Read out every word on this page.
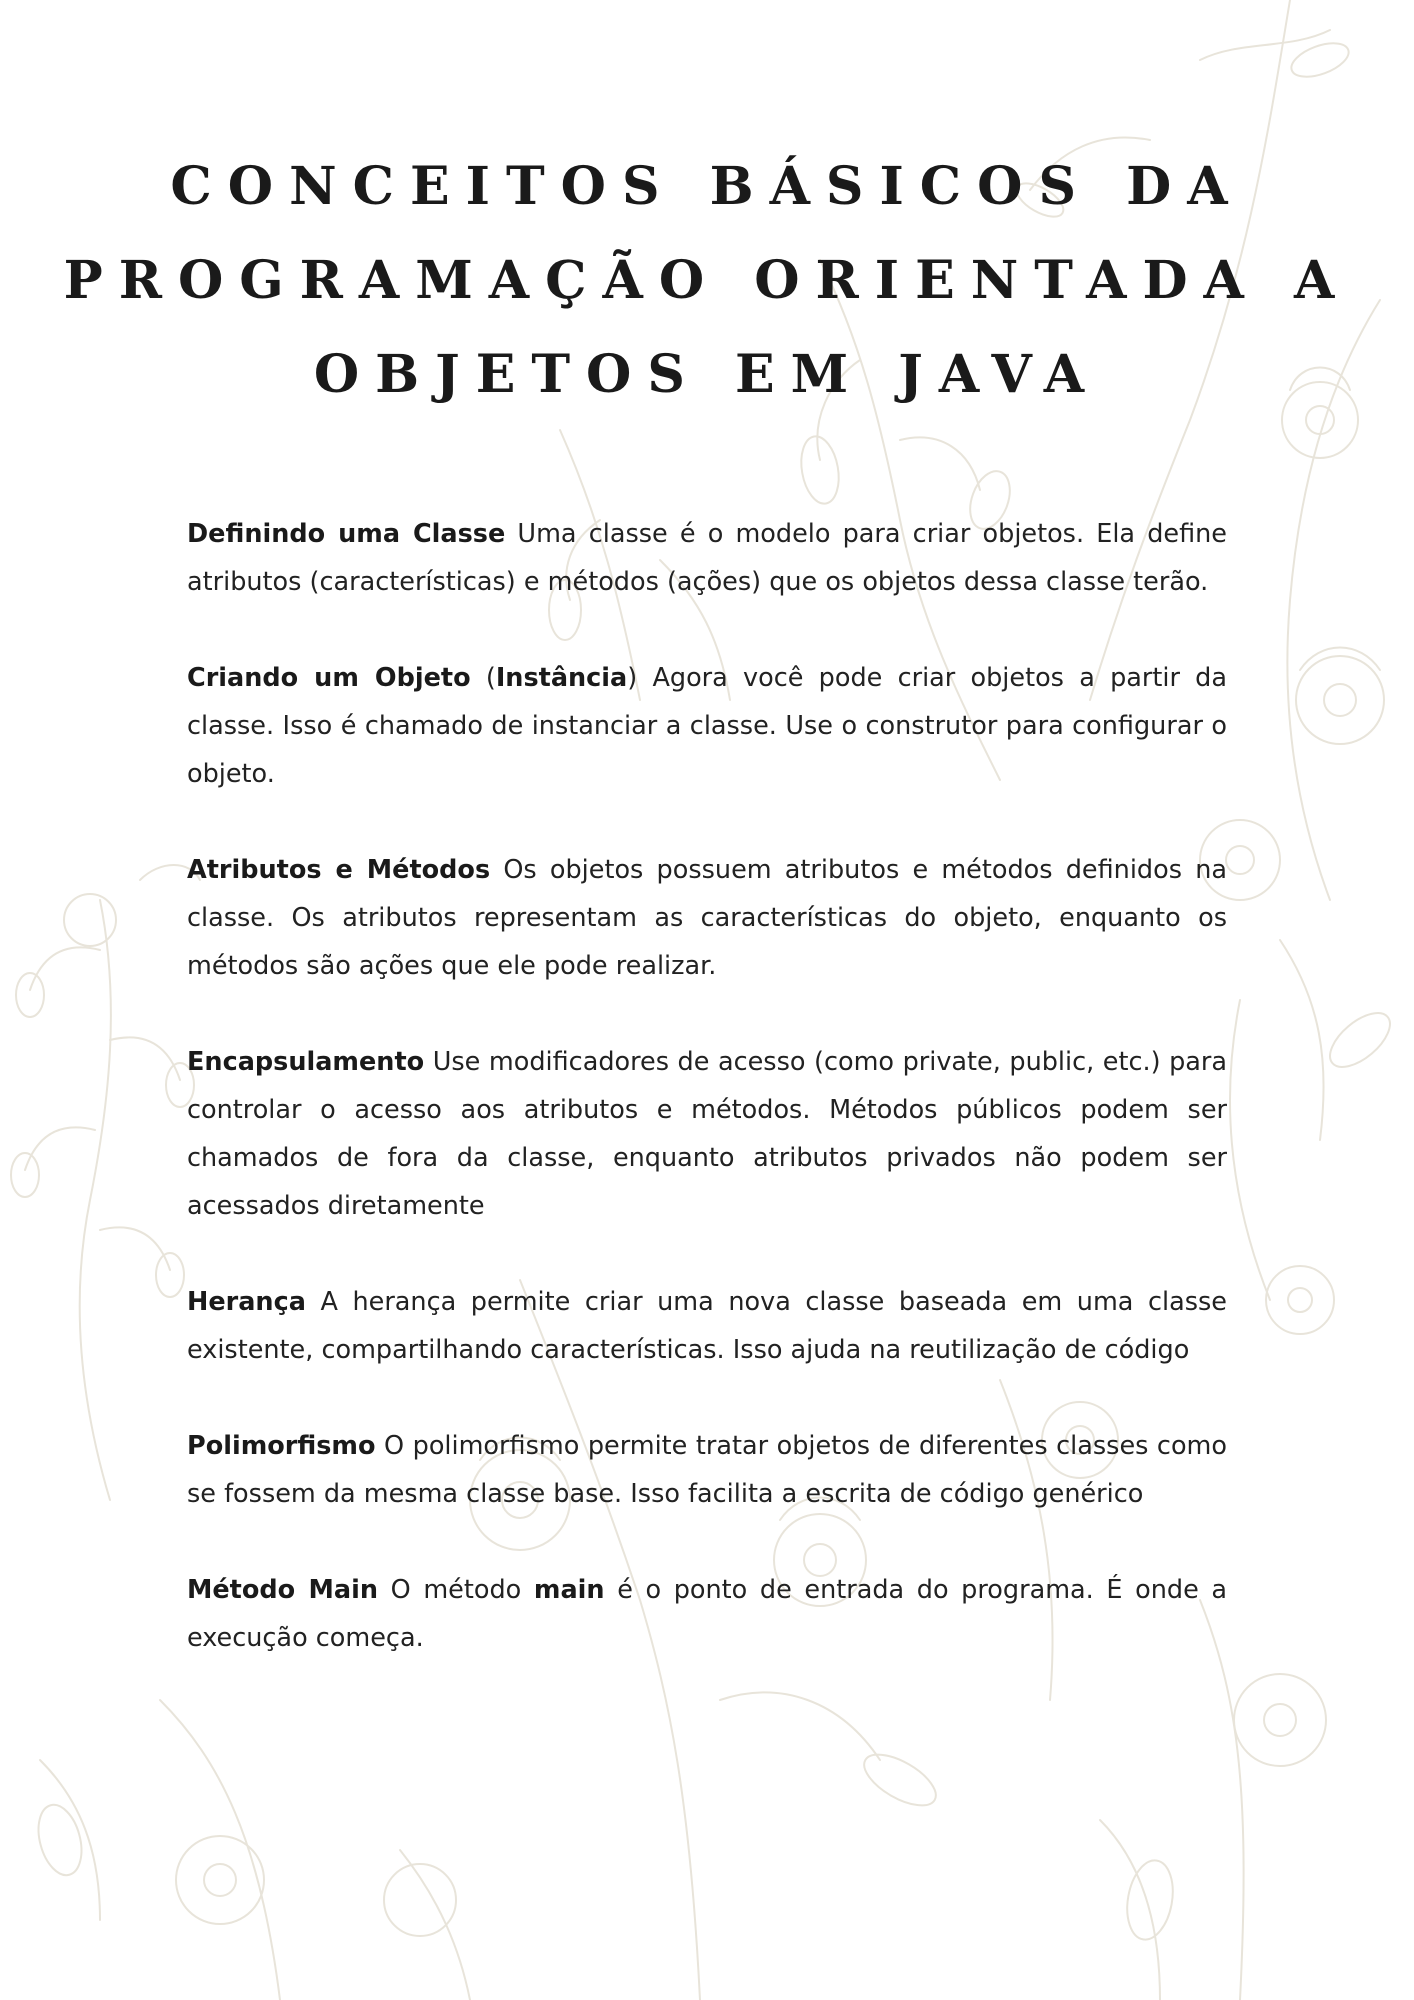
CONCEITOS BÁSICOS DA
PROGRAMAÇÃO ORIENTADA A
OBJETOS EM JAVA

Definindo uma Classe Uma classe é o modelo para criar objetos. Ela define atributos (características) e métodos (ações) que os objetos dessa classe terão.

Criando um Objeto (Instância) Agora você pode criar objetos a partir da classe. Isso é chamado de instanciar a classe. Use o construtor para configurar o objeto.

Atributos e Métodos Os objetos possuem atributos e métodos definidos na classe. Os atributos representam as características do objeto, enquanto os métodos são ações que ele pode realizar.

Encapsulamento Use modificadores de acesso (como private, public, etc.) para controlar o acesso aos atributos e métodos. Métodos públicos podem ser chamados de fora da classe, enquanto atributos privados não podem ser acessados diretamente

Herança A herança permite criar uma nova classe baseada em uma classe existente, compartilhando características. Isso ajuda na reutilização de código

Polimorfismo O polimorfismo permite tratar objetos de diferentes classes como se fossem da mesma classe base. Isso facilita a escrita de código genérico

Método Main O método main é o ponto de entrada do programa. É onde a execução começa.
